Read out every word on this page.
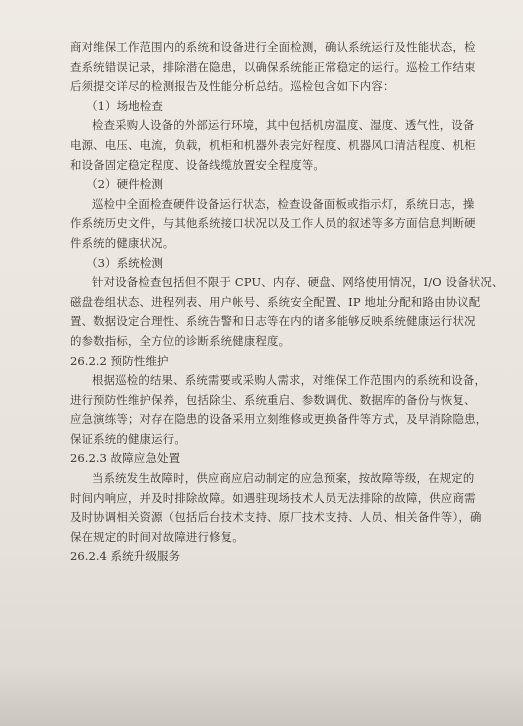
商对维保工作范围内的系统和设备进行全面检测，确认系统运行及性能状态，检
查系统错误记录，排除潜在隐患，以确保系统能正常稳定的运行。巡检工作结束
后须提交详尽的检测报告及性能分析总结。巡检包含如下内容：
（1）场地检查
检查采购人设备的外部运行环境，其中包括机房温度、湿度、透气性，设备
电源、电压、电流，负载，机柜和机器外表完好程度、机器风口清洁程度、机柜
和设备固定稳定程度、设备线缆放置安全程度等。
（2）硬件检测
巡检中全面检查硬件设备运行状态，检查设备面板或指示灯，系统日志，操
作系统历史文件，与其他系统接口状况以及工作人员的叙述等多方面信息判断硬
件系统的健康状况。
（3）系统检测
针对设备检查包括但不限于 CPU、内存、硬盘、网络使用情况，I/O 设备状况、
磁盘卷组状态、进程列表、用户帐号、系统安全配置、IP 地址分配和路由协议配
置、数据设定合理性、系统告警和日志等在内的诸多能够反映系统健康运行状况
的参数指标，全方位的诊断系统健康程度。
26.2.2 预防性维护
根据巡检的结果、系统需要或采购人需求，对维保工作范围内的系统和设备，
进行预防性维护保养，包括除尘、系统重启、参数调优、数据库的备份与恢复、
应急演练等；对存在隐患的设备采用立刻维修或更换备件等方式，及早消除隐患，
保证系统的健康运行。
26.2.3 故障应急处置
当系统发生故障时，供应商应启动制定的应急预案，按故障等级，在规定的
时间内响应，并及时排除故障。如遇驻现场技术人员无法排除的故障，供应商需
及时协调相关资源（包括后台技术支持、原厂技术支持、人员、相关备件等），确
保在规定的时间对故障进行修复。
26.2.4 系统升级服务
